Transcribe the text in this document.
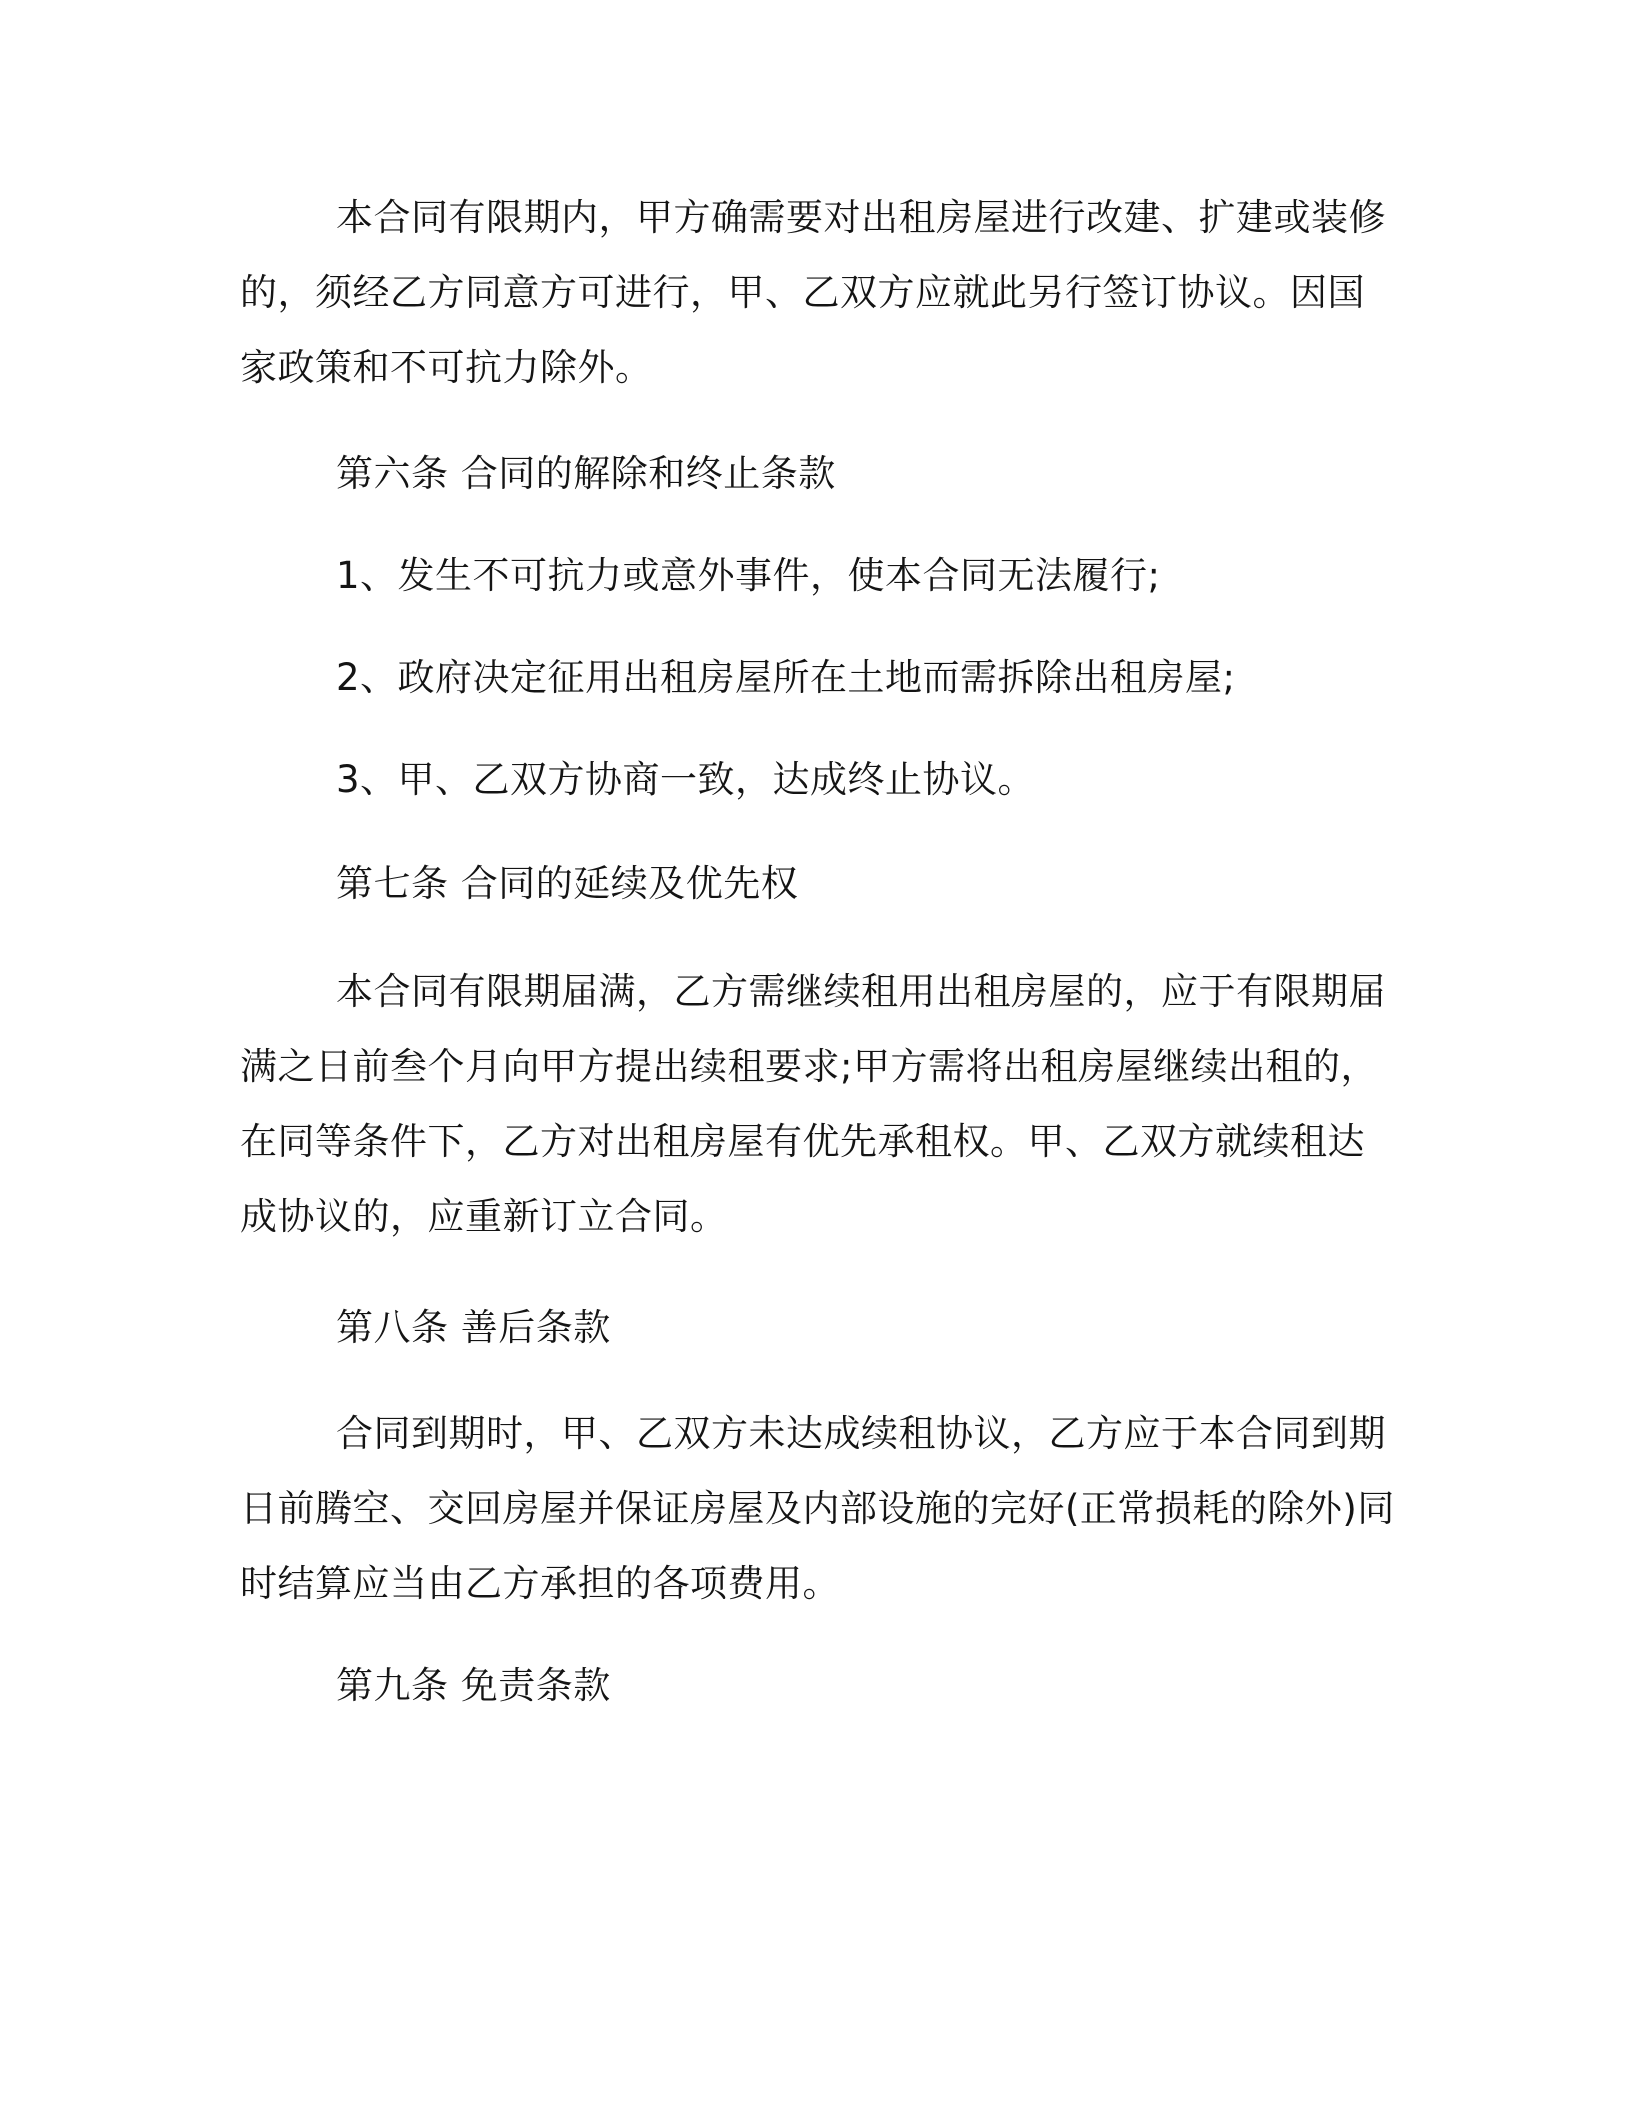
本合同有限期内，甲方确需要对出租房屋进行改建、扩建或装修
的，须经乙方同意方可进行，甲、乙双方应就此另行签订协议。因国
家政策和不可抗力除外。
第六条 合同的解除和终止条款
1、发生不可抗力或意外事件，使本合同无法履行;
2、政府决定征用出租房屋所在土地而需拆除出租房屋;
3、甲、乙双方协商一致，达成终止协议。
第七条 合同的延续及优先权
本合同有限期届满，乙方需继续租用出租房屋的，应于有限期届
满之日前叁个月向甲方提出续租要求;甲方需将出租房屋继续出租的，
在同等条件下，乙方对出租房屋有优先承租权。甲、乙双方就续租达
成协议的，应重新订立合同。
第八条 善后条款
合同到期时，甲、乙双方未达成续租协议，乙方应于本合同到期
日前腾空、交回房屋并保证房屋及内部设施的完好(正常损耗的除外)同
时结算应当由乙方承担的各项费用。
第九条 免责条款
